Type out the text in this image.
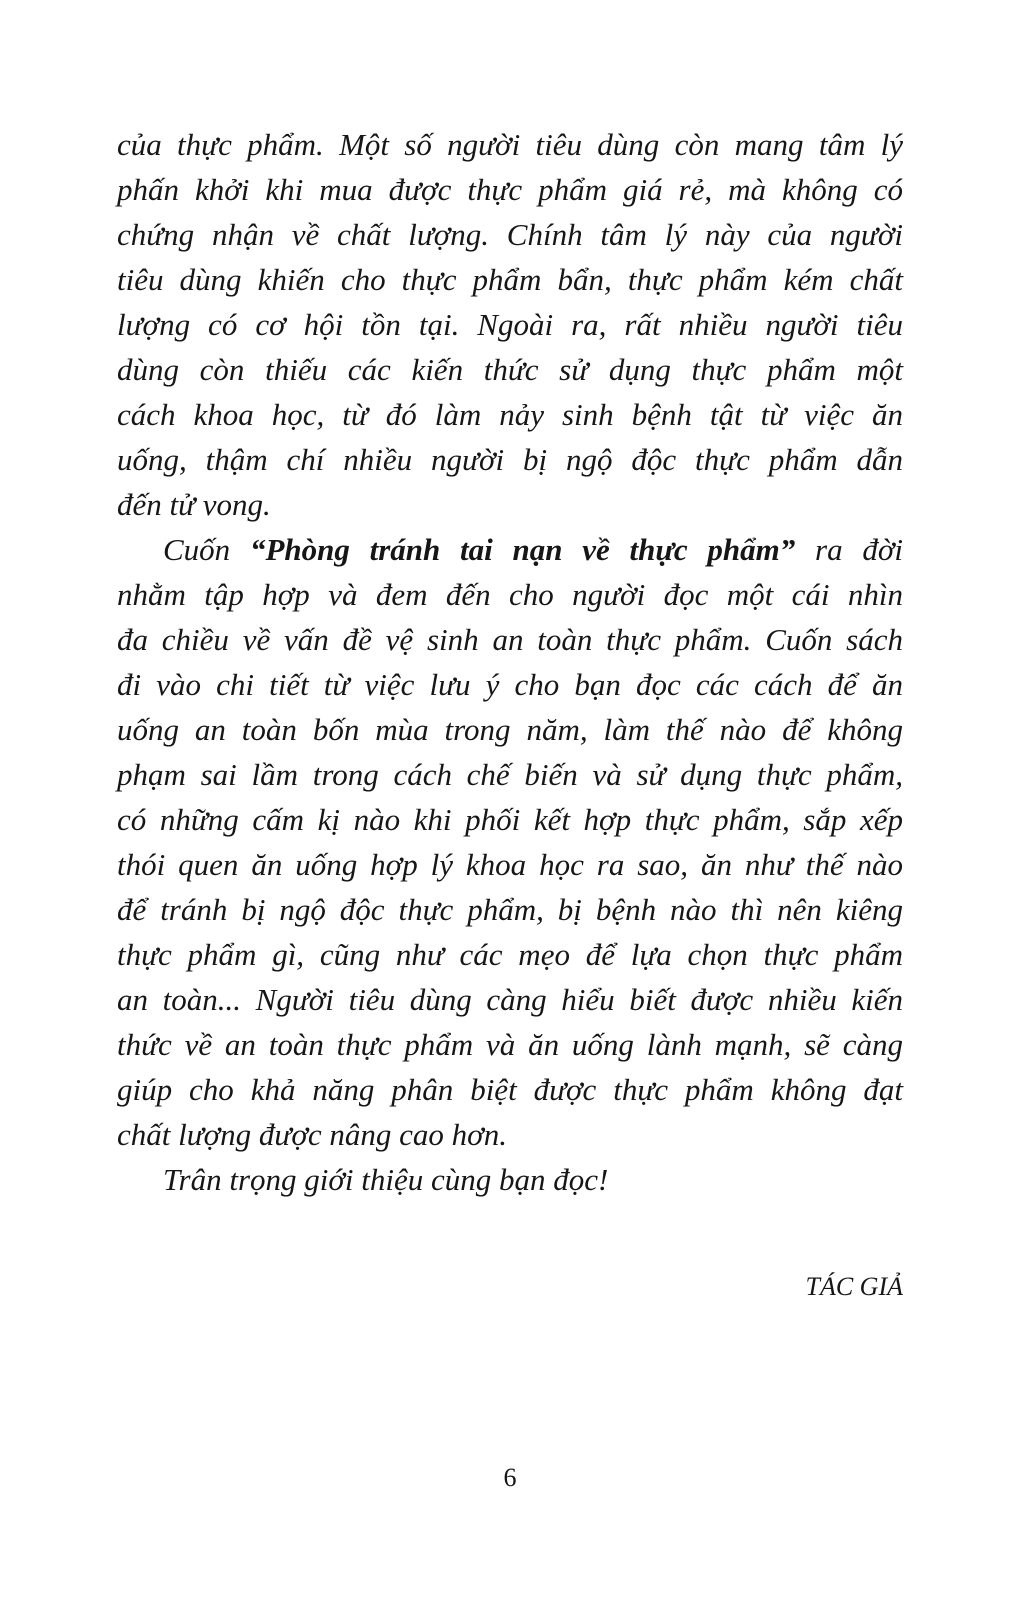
của thực phẩm. Một số người tiêu dùng còn mang tâm lý
phấn khởi khi mua được thực phẩm giá rẻ, mà không có
chứng nhận về chất lượng. Chính tâm lý này của người
tiêu dùng khiến cho thực phẩm bẩn, thực phẩm kém chất
lượng có cơ hội tồn tại. Ngoài ra, rất nhiều người tiêu
dùng còn thiếu các kiến thức sử dụng thực phẩm một
cách khoa học, từ đó làm nảy sinh bệnh tật từ việc ăn
uống, thậm chí nhiều người bị ngộ độc thực phẩm dẫn
đến tử vong.

Cuốn “Phòng tránh tai nạn về thực phẩm” ra đời
nhằm tập hợp và đem đến cho người đọc một cái nhìn
đa chiều về vấn đề vệ sinh an toàn thực phẩm. Cuốn sách
đi vào chi tiết từ việc lưu ý cho bạn đọc các cách để ăn
uống an toàn bốn mùa trong năm, làm thế nào để không
phạm sai lầm trong cách chế biến và sử dụng thực phẩm,
có những cấm kị nào khi phối kết hợp thực phẩm, sắp xếp
thói quen ăn uống hợp lý khoa học ra sao, ăn như thế nào
để tránh bị ngộ độc thực phẩm, bị bệnh nào thì nên kiêng
thực phẩm gì, cũng như các mẹo để lựa chọn thực phẩm
an toàn... Người tiêu dùng càng hiểu biết được nhiều kiến
thức về an toàn thực phẩm và ăn uống lành mạnh, sẽ càng
giúp cho khả năng phân biệt được thực phẩm không đạt
chất lượng được nâng cao hơn.

Trân trọng giới thiệu cùng bạn đọc!

TÁC GIẢ
6
